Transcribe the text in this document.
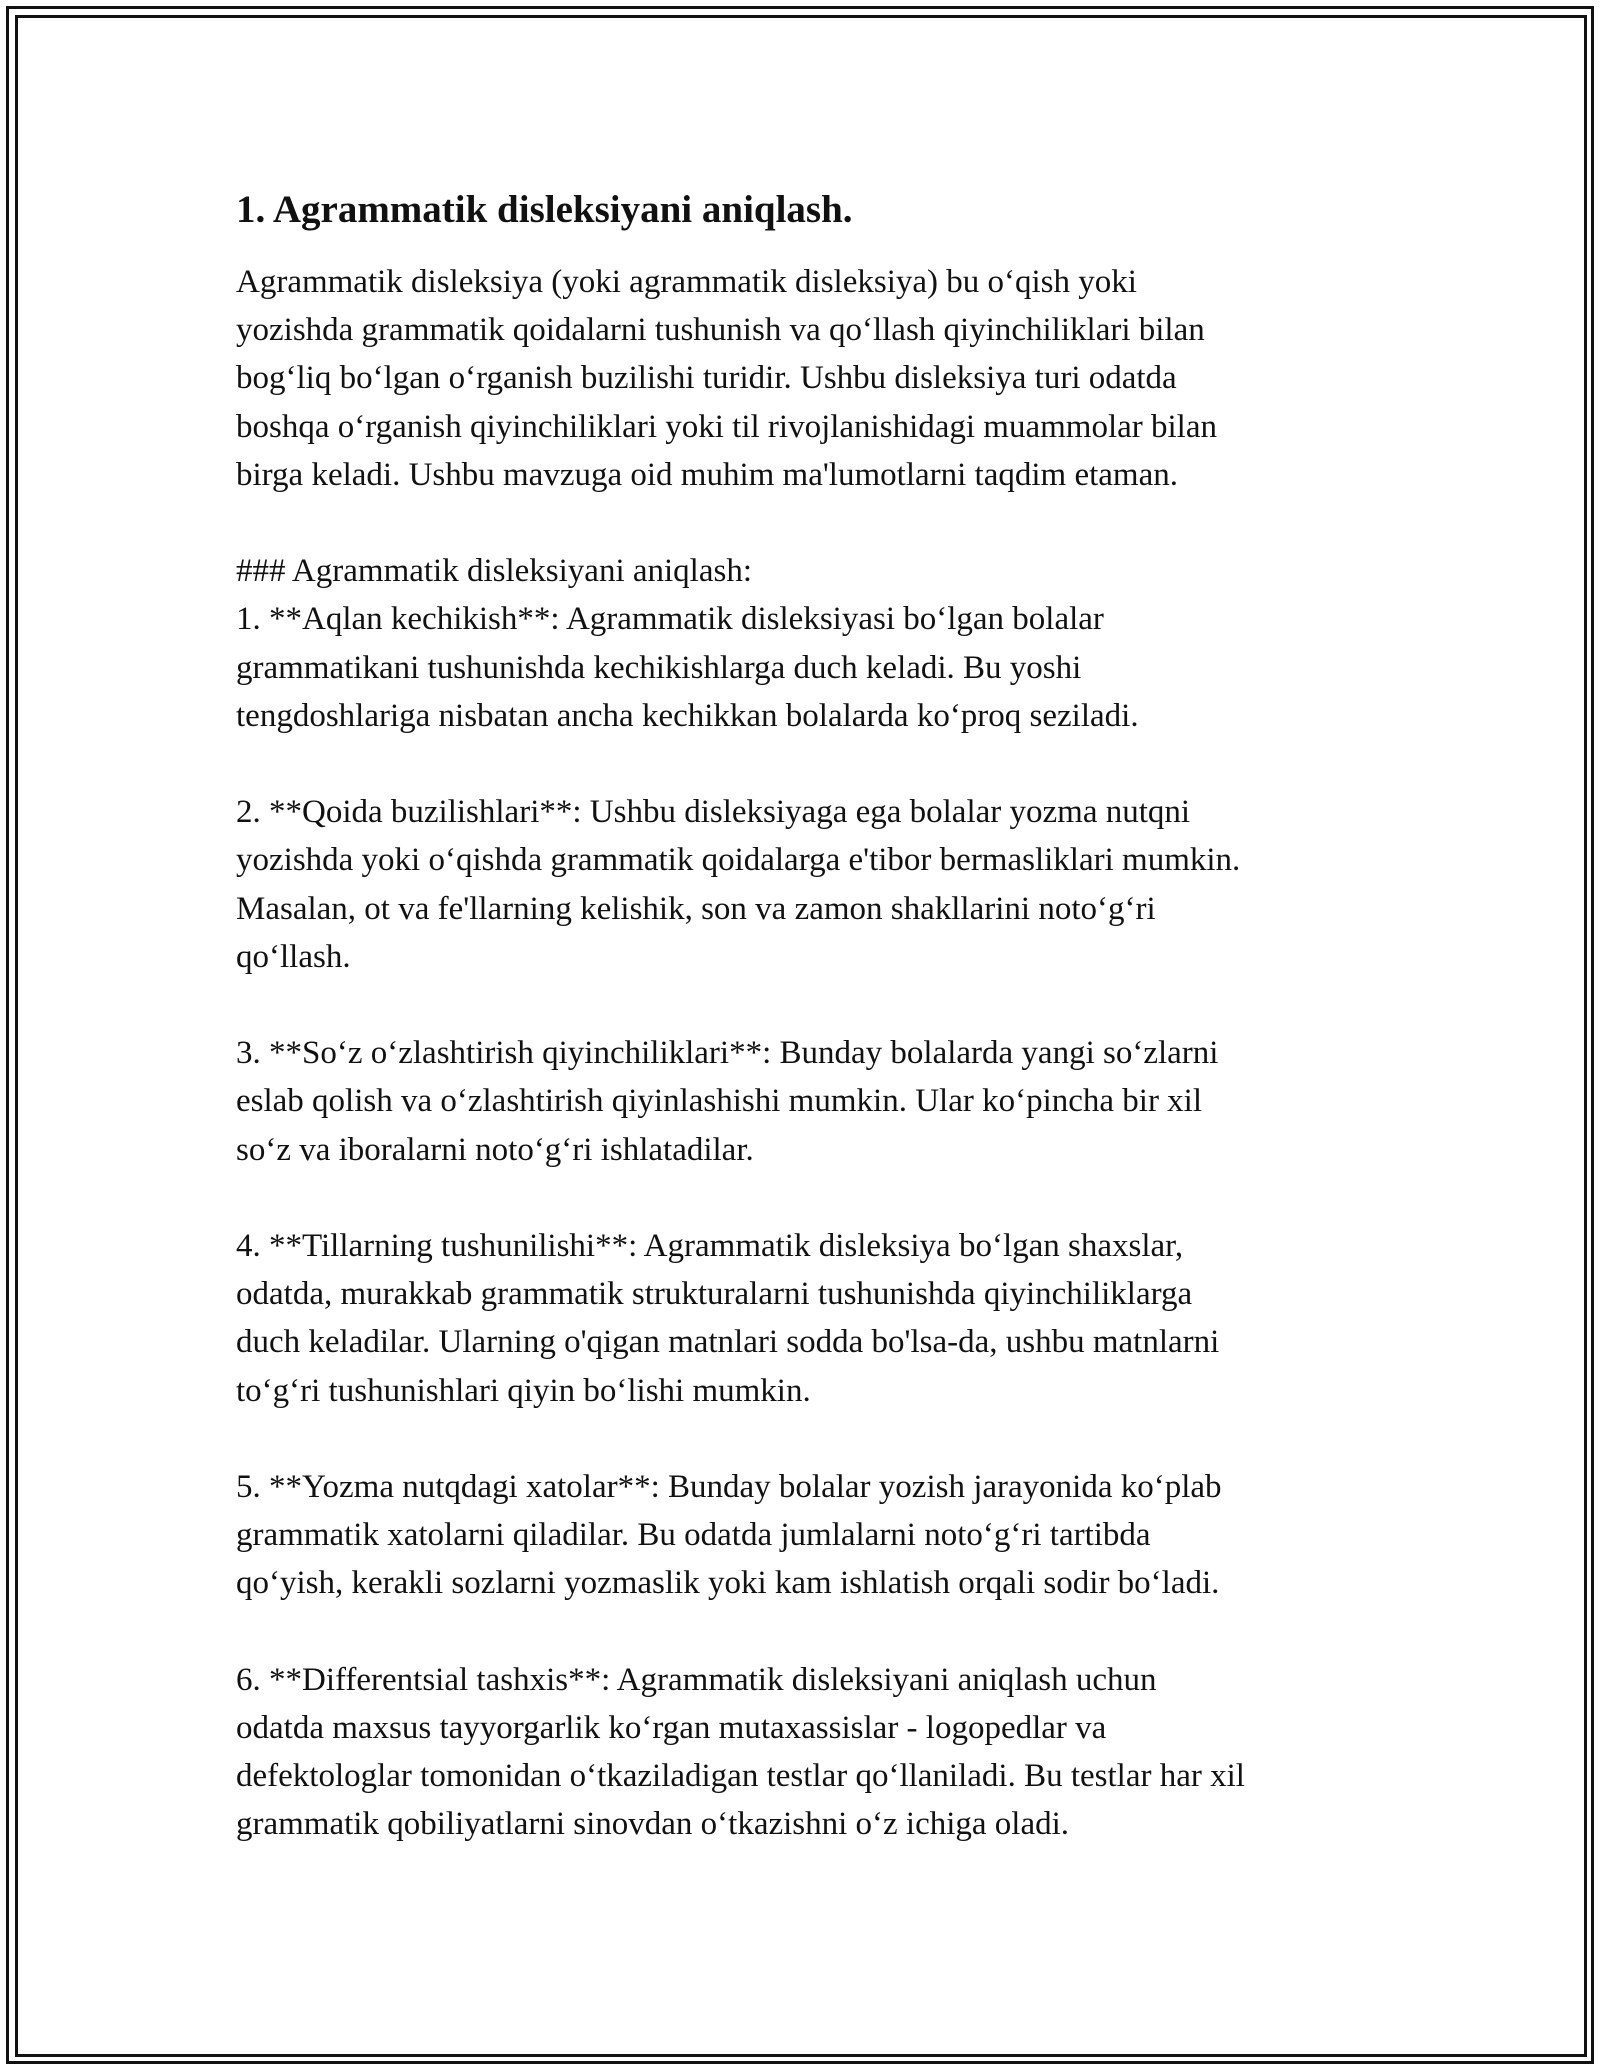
1. Agrammatik disleksiyani aniqlash.
Agrammatik disleksiya (yoki agrammatik disleksiya) bu o‘qish yoki
yozishda grammatik qoidalarni tushunish va qo‘llash qiyinchiliklari bilan
bog‘liq bo‘lgan o‘rganish buzilishi turidir. Ushbu disleksiya turi odatda
boshqa o‘rganish qiyinchiliklari yoki til rivojlanishidagi muammolar bilan
birga keladi. Ushbu mavzuga oid muhim ma'lumotlarni taqdim etaman.
### Agrammatik disleksiyani aniqlash:
1. **Aqlan kechikish**: Agrammatik disleksiyasi bo‘lgan bolalar
grammatikani tushunishda kechikishlarga duch keladi. Bu yoshi
tengdoshlariga nisbatan ancha kechikkan bolalarda ko‘proq seziladi.
2. **Qoida buzilishlari**: Ushbu disleksiyaga ega bolalar yozma nutqni
yozishda yoki o‘qishda grammatik qoidalarga e'tibor bermasliklari mumkin.
Masalan, ot va fe'llarning kelishik, son va zamon shakllarini noto‘g‘ri
qo‘llash.
3. **So‘z o‘zlashtirish qiyinchiliklari**: Bunday bolalarda yangi so‘zlarni
eslab qolish va o‘zlashtirish qiyinlashishi mumkin. Ular ko‘pincha bir xil
so‘z va iboralarni noto‘g‘ri ishlatadilar.
4. **Tillarning tushunilishi**: Agrammatik disleksiya bo‘lgan shaxslar,
odatda, murakkab grammatik strukturalarni tushunishda qiyinchiliklarga
duch keladilar. Ularning o'qigan matnlari sodda bo'lsa-da, ushbu matnlarni
to‘g‘ri tushunishlari qiyin bo‘lishi mumkin.
5. **Yozma nutqdagi xatolar**: Bunday bolalar yozish jarayonida ko‘plab
grammatik xatolarni qiladilar. Bu odatda jumlalarni noto‘g‘ri tartibda
qo‘yish, kerakli sozlarni yozmaslik yoki kam ishlatish orqali sodir bo‘ladi.
6. **Differentsial tashxis**: Agrammatik disleksiyani aniqlash uchun
odatda maxsus tayyorgarlik ko‘rgan mutaxassislar - logopedlar va
defektologlar tomonidan o‘tkaziladigan testlar qo‘llaniladi. Bu testlar har xil
grammatik qobiliyatlarni sinovdan o‘tkazishni o‘z ichiga oladi.
